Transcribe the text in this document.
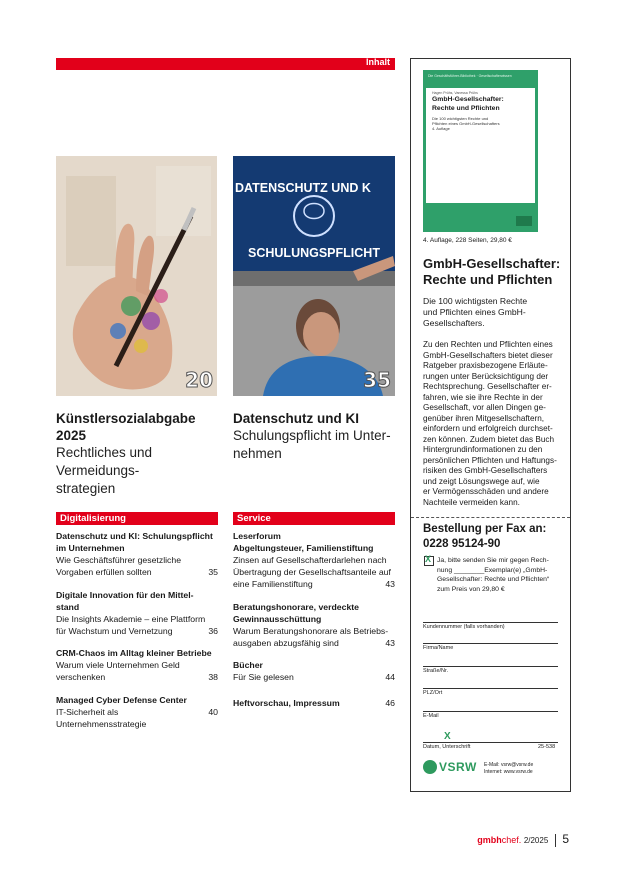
Inhalt
20
DATENSCHUTZ UND K
SCHULUNGSPFLICHT
35
Künstlersozialabgabe 2025
Rechtliches und Vermeidungs-
strategien
Datenschutz und KI
Schulungspflicht im Unter-
nehmen
Digitalisierung
Datenschutz und KI: Schulungspflicht
im Unternehmen
Wie Geschäftsführer gesetzliche
Vorgaben erfüllen sollten	35
Digitale Innovation für den Mittel-
stand
Die Insights Akademie – eine Plattform
für Wachstum und Vernetzung	36
CRM-Chaos im Alltag kleiner Betriebe
Warum viele Unternehmen Geld
verschenken	38
Managed Cyber Defense Center
IT-Sicherheit als Unternehmensstrategie
40
Service
Leserforum
Abgeltungsteuer, Familienstiftung
Zinsen auf Gesellschafterdarlehen nach
Übertragung der Gesellschaftsanteile auf
eine Familienstiftung	43
Beratungshonorare, verdeckte
Gewinnausschüttung
Warum Beratungshonorare als Betriebs-
ausgaben abzugsfähig sind	43
Bücher
Für Sie gelesen	44
Heftvorschau, Impressum	46
Die Geschäftsführer-Bibliothek · Gesellschafterwissen
Hagen Prühs, Vanessa Prühs
GmbH-Gesellschafter:
Rechte und Pflichten
Die 100 wichtigsten Rechte und
Pflichten eines GmbH-Gesellschafters
4. Auflage
4. Auflage, 228 Seiten, 29,80 €
GmbH-Gesellschafter:
Rechte und Pflichten
Die 100 wichtigsten Rechte
und Pflichten eines GmbH-
Gesellschafters.
Zu den Rechten und Pflichten eines
GmbH-Gesellschafters bietet dieser
Ratgeber praxisbezogene Erläute-
rungen unter Berücksichtigung der
Rechtsprechung. Gesellschafter er-
fahren, wie sie ihre Rechte in der
Gesellschaft, vor allen Dingen ge-
genüber ihren Mitgesellschaftern,
einfordern und erfolgreich durchset-
zen können. Zudem bietet das Buch
Hintergrundinformationen zu den
persönlichen Pflichten und Haftungs-
risiken des GmbH-Gesellschafters
und zeigt Lösungswege auf, wie
er Vermögensschäden und andere
Nachteile vermeiden kann.
Bestellung per Fax an:
0228 95124-90
X Ja, bitte senden Sie mir gegen Rech-
nung ________Exemplar(e) „GmbH-
Gesellschafter: Rechte und Pflichten“
zum Preis von 29,80 €
Kundennummer (falls vorhanden)
Firma/Name
Straße/Nr.
PLZ/Ort
E-Mail
X
Datum, Unterschrift	25-538
VSRW E-Mail: vsrw@vsrw.de
Internet: www.vsrw.de
gmbhchef. 2/2025 5
